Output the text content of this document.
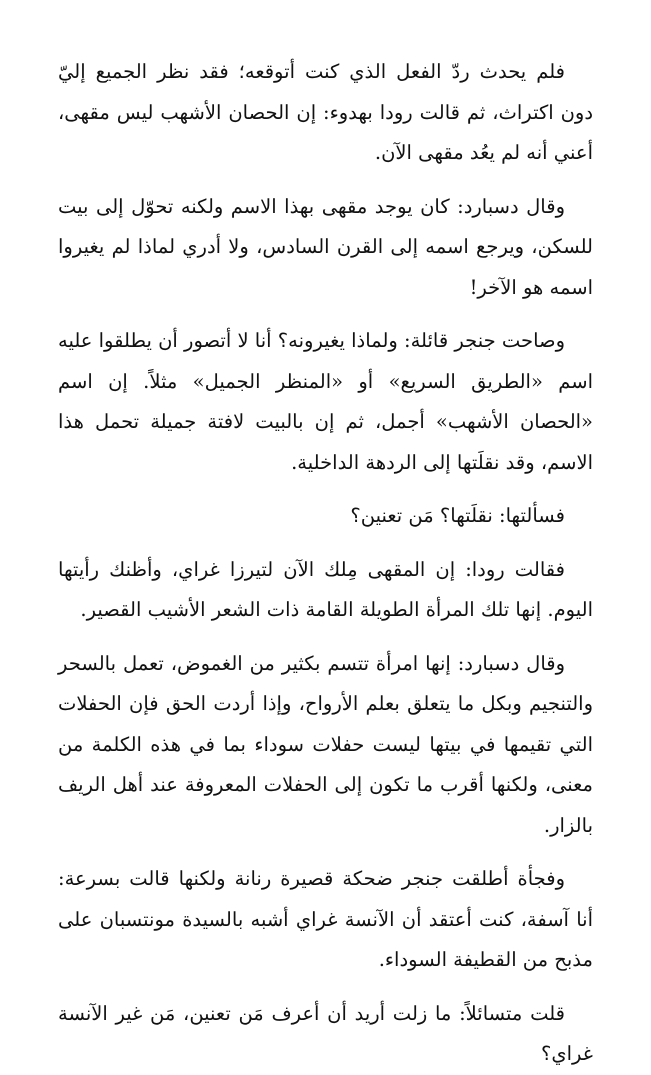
فلم يحدث ردّ الفعل الذي كنت أتوقعه؛ فقد نظر الجميع إليّ دون اكتراث، ثم قالت رودا بهدوء: إن الحصان الأشهب ليس مقهى، أعني أنه لم يعُد مقهى الآن.

وقال دسبارد: كان يوجد مقهى بهذا الاسم ولكنه تحوّل إلى بيت للسكن، ويرجع اسمه إلى القرن السادس، ولا أدري لماذا لم يغيروا اسمه هو الآخر!

وصاحت جنجر قائلة: ولماذا يغيرونه؟ أنا لا أتصور أن يطلقوا عليه اسم «الطريق السريع» أو «المنظر الجميل» مثلاً. إن اسم «الحصان الأشهب» أجمل، ثم إن بالبيت لافتة جميلة تحمل هذا الاسم، وقد نقلَتها إلى الردهة الداخلية.

فسألتها: نقلَتها؟ مَن تعنين؟

فقالت رودا: إن المقهى مِلك الآن لتيرزا غراي، وأظنك رأيتها اليوم. إنها تلك المرأة الطويلة القامة ذات الشعر الأشيب القصير.

وقال دسبارد: إنها امرأة تتسم بكثير من الغموض، تعمل بالسحر والتنجيم وبكل ما يتعلق بعلم الأرواح، وإذا أردت الحق فإن الحفلات التي تقيمها في بيتها ليست حفلات سوداء بما في هذه الكلمة من معنى، ولكنها أقرب ما تكون إلى الحفلات المعروفة عند أهل الريف بالزار.

وفجأة أطلقت جنجر ضحكة قصيرة رنانة ولكنها قالت بسرعة: أنا آسفة، كنت أعتقد أن الآنسة غراي أشبه بالسيدة مونتسبان على مذبح من القطيفة السوداء.

قلت متسائلاً: ما زلت أريد أن أعرف مَن تعنين، مَن غير الآنسة غراي؟
